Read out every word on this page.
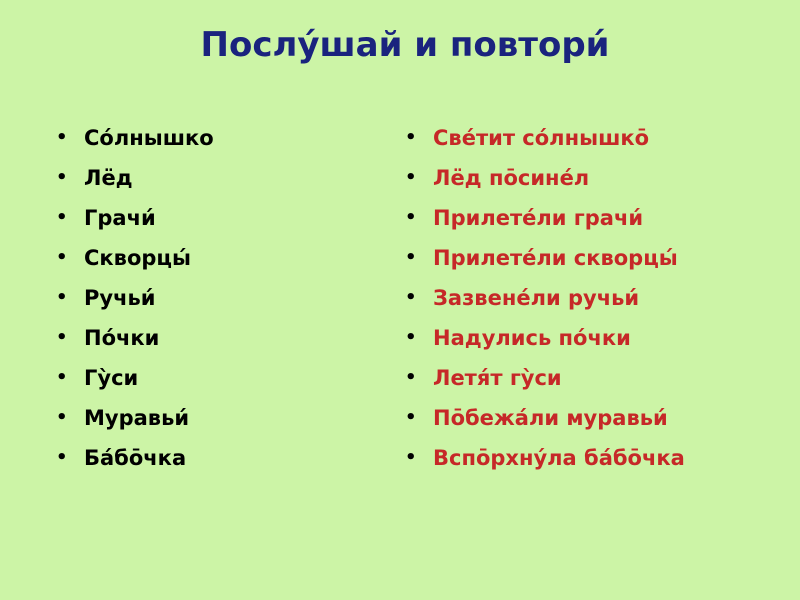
Послу́шай и повтори́
• Со́лнышко
• Лёд
• Грачи́
• Скворцы́
• Ручьи́
• По́чки
• Гу̀си
• Муравьи́
• Ба́бо̄чка
• Све́тит со́лнышко̄
• Лёд по̄сине́л
• Прилете́ли грачи́
• Прилете́ли скворцы́
• Зазвене́ли ручьи́
• Надулись по́чки
• Летя́т гу̀си
• По̄бежа́ли муравьи́
• Вспо̄рхну́ла ба́бо̄чка
